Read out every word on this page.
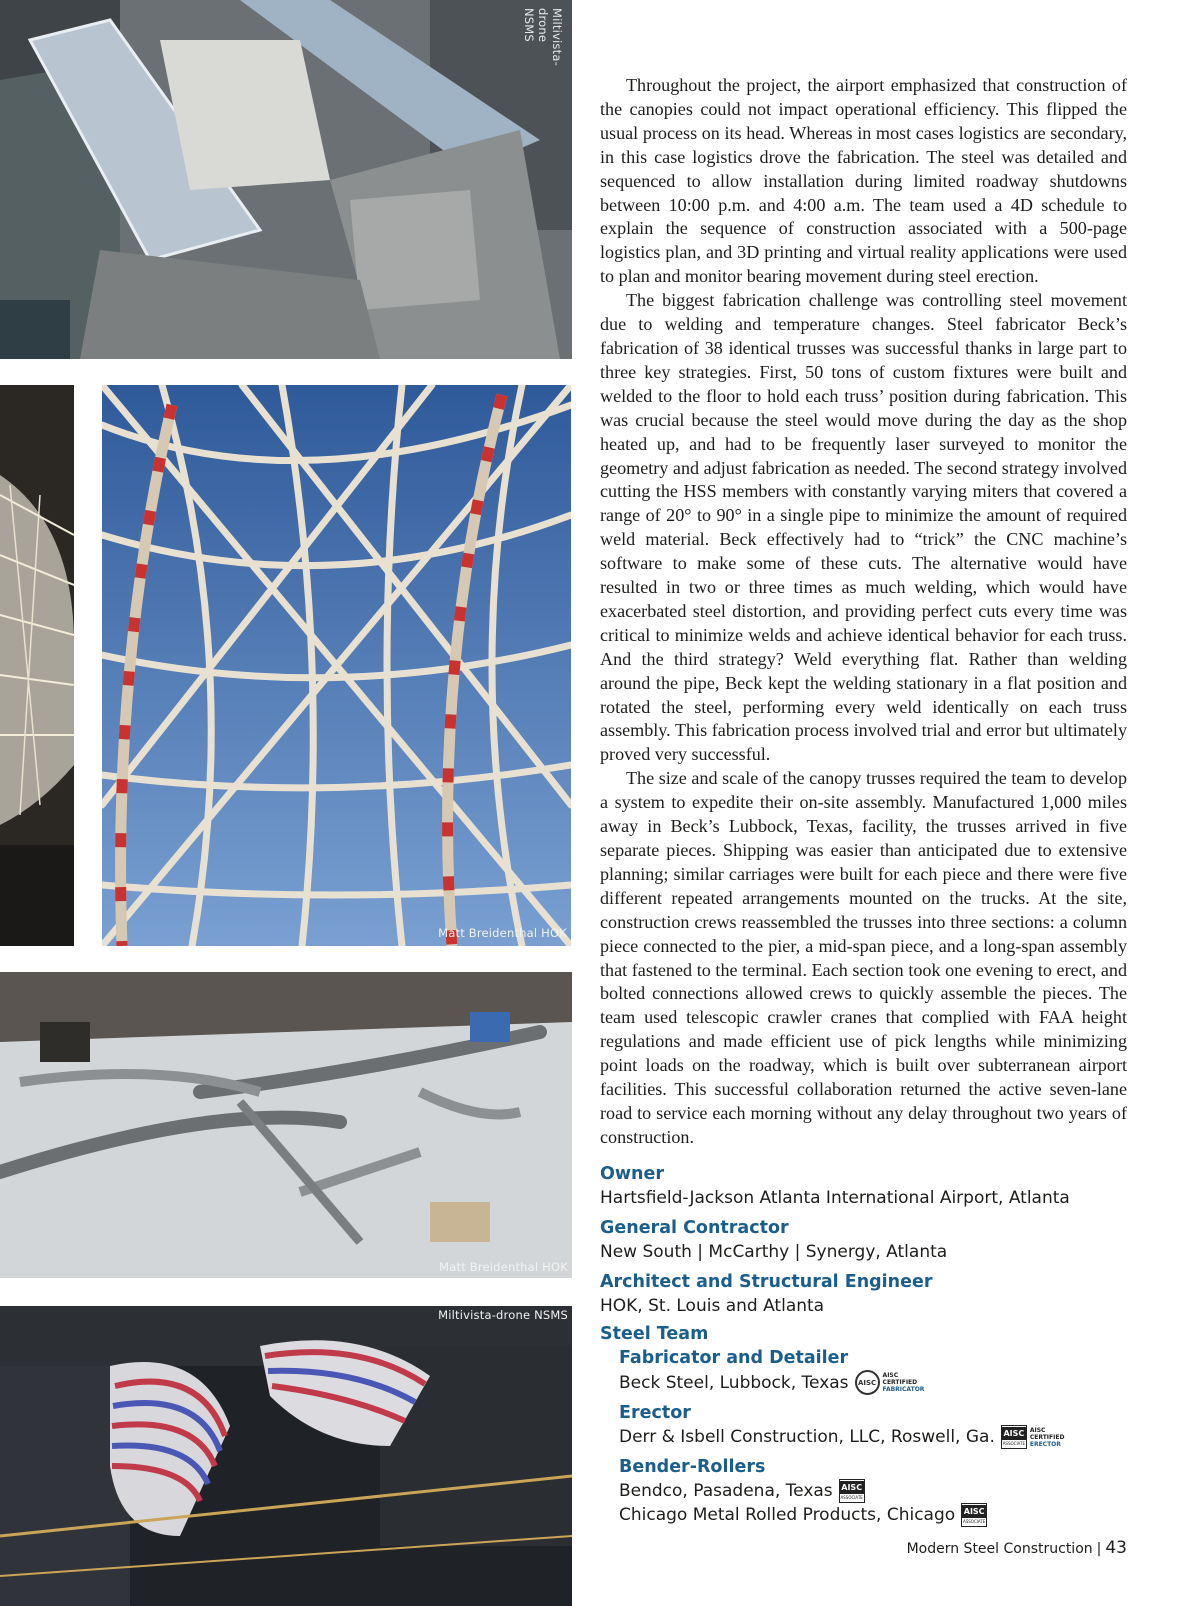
Miltivista-drone NSMS
Matt Breidenthal HOK
Matt Breidenthal HOK
Miltivista-drone NSMS

Throughout the project, the airport emphasized that construction of the canopies could not impact operational efficiency. This flipped the usual process on its head. Whereas in most cases logistics are secondary, in this case logistics drove the fabrication. The steel was detailed and sequenced to allow installation during limited roadway shutdowns between 10:00 p.m. and 4:00 a.m. The team used a 4D schedule to explain the sequence of construction associated with a 500-page logistics plan, and 3D printing and virtual reality applications were used to plan and monitor bearing movement during steel erection.

The biggest fabrication challenge was controlling steel movement due to welding and temperature changes. Steel fabricator Beck’s fabrication of 38 identical trusses was successful thanks in large part to three key strategies. First, 50 tons of custom fixtures were built and welded to the floor to hold each truss’ position during fabrication. This was crucial because the steel would move during the day as the shop heated up, and had to be frequently laser surveyed to monitor the geometry and adjust fabrication as needed. The second strategy involved cutting the HSS members with constantly varying miters that covered a range of 20° to 90° in a single pipe to minimize the amount of required weld material. Beck effectively had to “trick” the CNC machine’s software to make some of these cuts. The alternative would have resulted in two or three times as much welding, which would have exacerbated steel distortion, and providing perfect cuts every time was critical to minimize welds and achieve identical behavior for each truss. And the third strategy? Weld everything flat. Rather than welding around the pipe, Beck kept the welding stationary in a flat position and rotated the steel, performing every weld identically on each truss assembly. This fabrication process involved trial and error but ultimately proved very successful.

The size and scale of the canopy trusses required the team to develop a system to expedite their on-site assembly. Manufactured 1,000 miles away in Beck’s Lubbock, Texas, facility, the trusses arrived in five separate pieces. Shipping was easier than anticipated due to extensive planning; similar carriages were built for each piece and there were five different repeated arrangements mounted on the trucks. At the site, construction crews reassembled the trusses into three sections: a column piece connected to the pier, a mid-span piece, and a long-span assembly that fastened to the terminal. Each section took one evening to erect, and bolted connections allowed crews to quickly assemble the pieces. The team used telescopic crawler cranes that complied with FAA height regulations and made efficient use of pick lengths while minimizing point loads on the roadway, which is built over subterranean airport facilities. This successful collaboration returned the active seven-lane road to service each morning without any delay throughout two years of construction.

Owner
Hartsfield-Jackson Atlanta International Airport, Atlanta
General Contractor
New South | McCarthy | Synergy, Atlanta
Architect and Structural Engineer
HOK, St. Louis and Atlanta
Steel Team
Fabricator and Detailer
Beck Steel, Lubbock, Texas	AISC
AISC
CERTIFIED
FABRICATOR
Erector
Derr & Isbell Construction, LLC, Roswell, Ga. AISC
ASSOCIATE
AISC
CERTIFIED
ERECTOR
Bender-Rollers
Bendco, Pasadena, Texas AISC
ASSOCIATE
Chicago Metal Rolled Products, Chicago AISC
ASSOCIATE
Modern Steel Construction | 43
